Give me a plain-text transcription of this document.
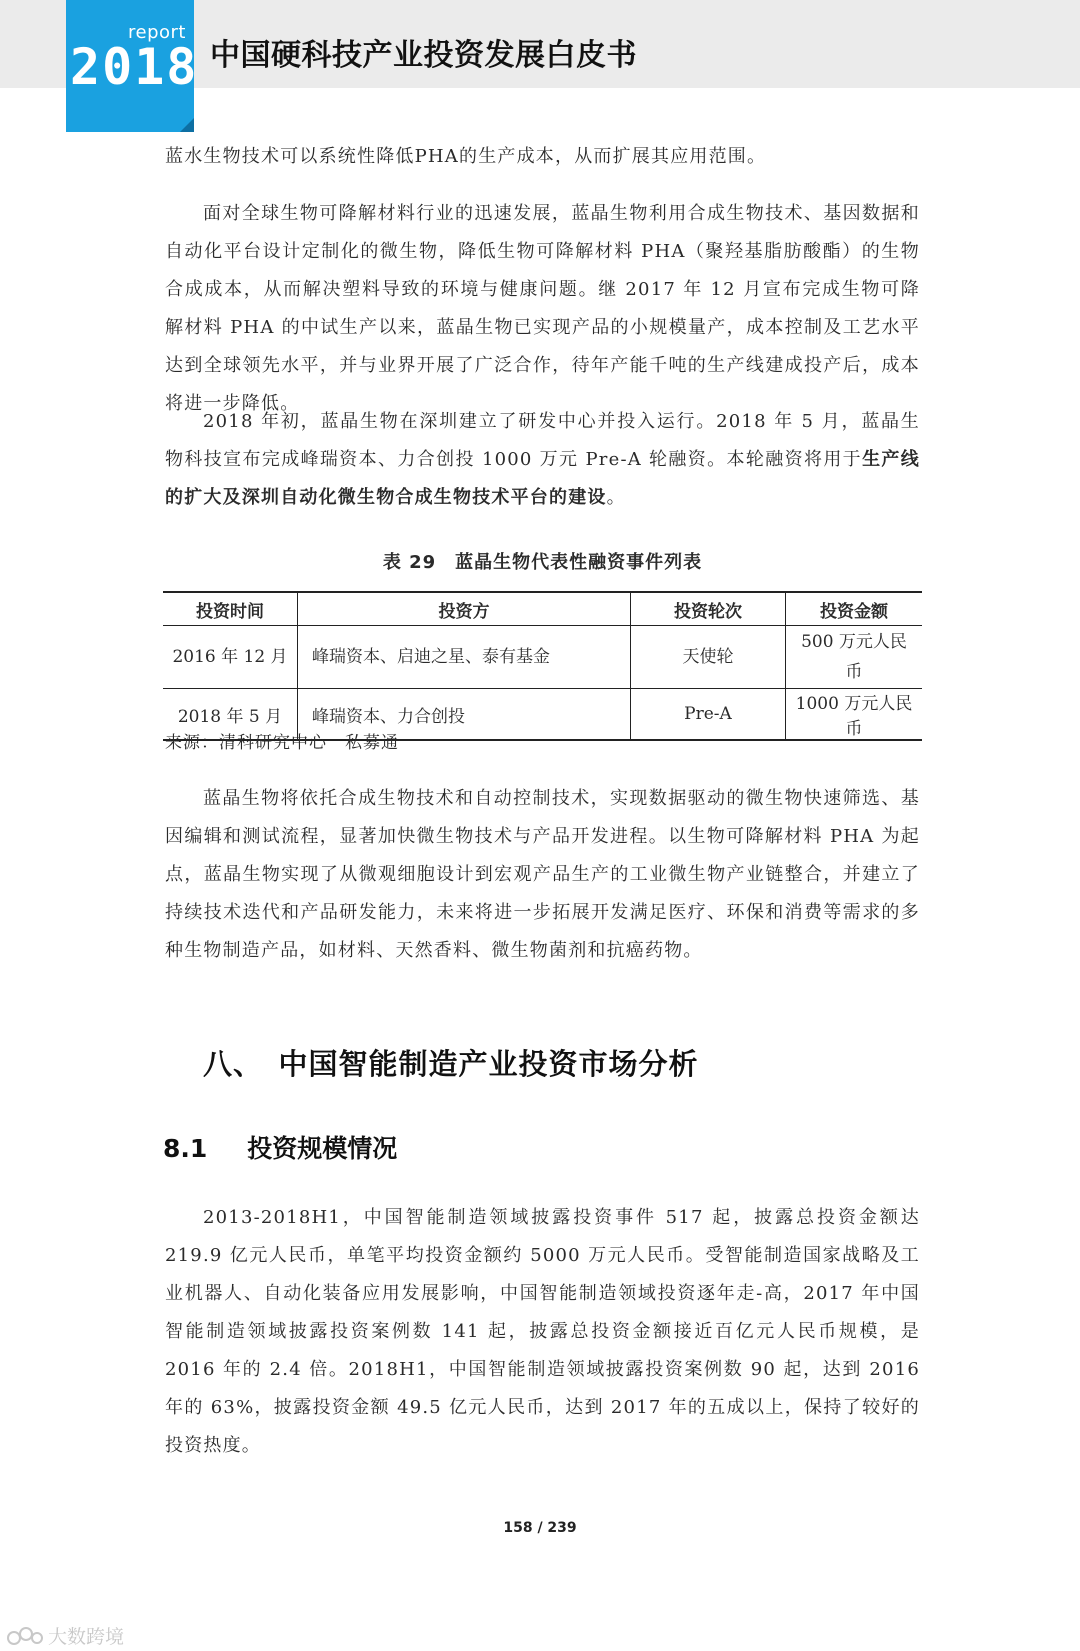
report
2018 中国硬科技产业投资发展白皮书

蓝水生物技术可以系统性降低PHA的生产成本，从而扩展其应用范围。

面对全球生物可降解材料行业的迅速发展，蓝晶生物利用合成生物技术、基因数据和自动化平台设计定制化的微生物，降低生物可降解材料 PHA（聚羟基脂肪酸酯）的生物合成成本，从而解决塑料导致的环境与健康问题。继 2017 年 12 月宣布完成生物可降解材料 PHA 的中试生产以来，蓝晶生物已实现产品的小规模量产，成本控制及工艺水平达到全球领先水平，并与业界开展了广泛合作，待年产能千吨的生产线建成投产后，成本将进一步降低。

2018 年初，蓝晶生物在深圳建立了研发中心并投入运行。2018 年 5 月，蓝晶生物科技宣布完成峰瑞资本、力合创投 1000 万元 Pre-A 轮融资。本轮融资将用于生产线的扩大及深圳自动化微生物合成生物技术平台的建设。

表 29　蓝晶生物代表性融资事件列表

投资时间	投资方	投资轮次	投资金额
2016 年 12 月	峰瑞资本、启迪之星、泰有基金	天使轮	500 万元人民币
2018 年 5 月	峰瑞资本、力合创投	Pre-A	1000 万元人民币

来源：清科研究中心　私募通

蓝晶生物将依托合成生物技术和自动控制技术，实现数据驱动的微生物快速筛选、基因编辑和测试流程，显著加快微生物技术与产品开发进程。以生物可降解材料 PHA 为起点，蓝晶生物实现了从微观细胞设计到宏观产品生产的工业微生物产业链整合，并建立了持续技术迭代和产品研发能力，未来将进一步拓展开发满足医疗、环保和消费等需求的多种生物制造产品，如材料、天然香料、微生物菌剂和抗癌药物。

八、　中国智能制造产业投资市场分析
8.1 投资规模情况

2013-2018H1，中国智能制造领域披露投资事件 517 起，披露总投资金额达 219.9 亿元人民币，单笔平均投资金额约 5000 万元人民币。受智能制造国家战略及工业机器人、自动化装备应用发展影响，中国智能制造领域投资逐年走-高，2017 年中国智能制造领域披露投资案例数 141 起，披露总投资金额接近百亿元人民币规模，是 2016 年的 2.4 倍。2018H1，中国智能制造领域披露投资案例数 90 起，达到 2016 年的 63%，披露投资金额 49.5 亿元人民币，达到 2017 年的五成以上，保持了较好的投资热度。

158 / 239

大数跨境
